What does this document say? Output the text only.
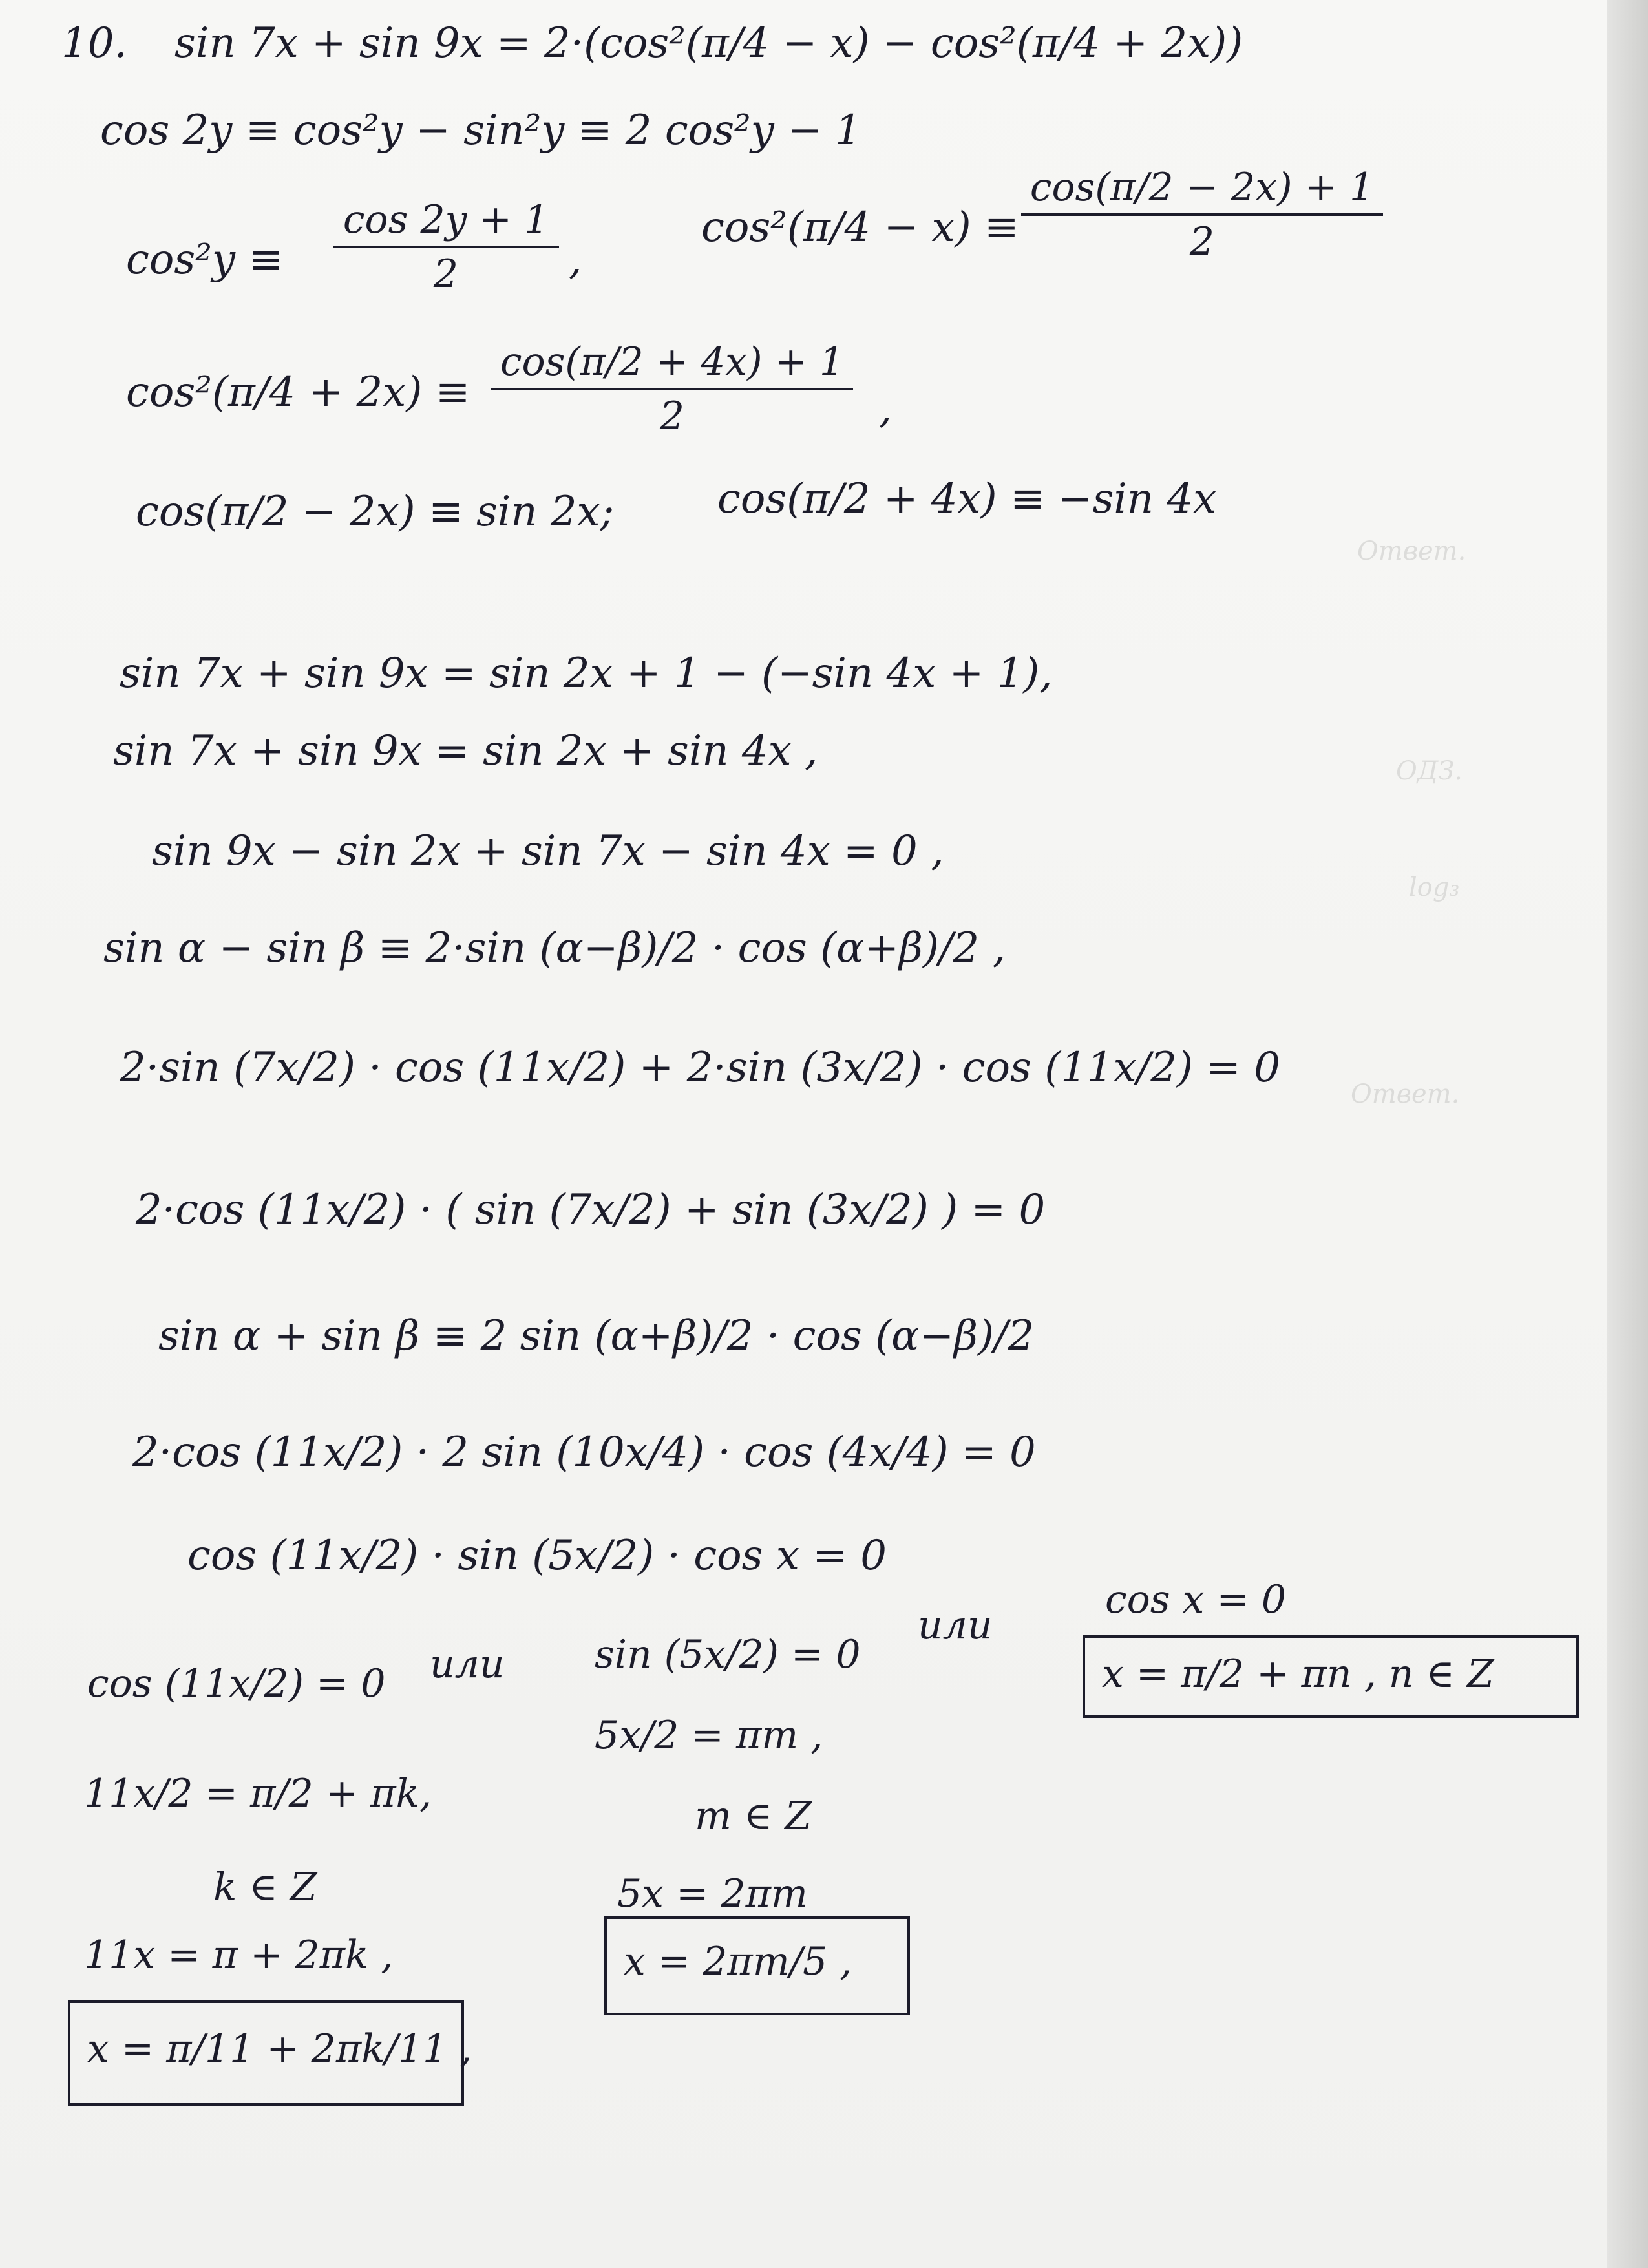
Ответ.
ОДЗ.
Ответ.
log₃
10. sin 7x + sin 9x = 2·(cos²(π/4 − x) − cos²(π/4 + 2x))
cos 2y ≡ cos²y − sin²y ≡ 2 cos²y − 1
cos²y ≡
cos 2y + 1
2	,
cos²(π/4 − x) ≡
cos(π/2 − 2x) + 1
2
cos²(π/4 + 2x) ≡
cos(π/2 + 4x) + 1
2	,
cos(π/2 − 2x) ≡ sin 2x; cos(π/2 + 4x) ≡ −sin 4x
sin 7x + sin 9x = sin 2x + 1 − (−sin 4x + 1),
sin 7x + sin 9x = sin 2x + sin 4x ,
sin 9x − sin 2x + sin 7x − sin 4x = 0 ,
sin α − sin β ≡ 2·sin (α−β)/2 · cos (α+β)/2 ,
2·sin (7x/2) · cos (11x/2) + 2·sin (3x/2) · cos (11x/2) = 0
2·cos (11x/2) · ( sin (7x/2) + sin (3x/2) ) = 0
sin α + sin β ≡ 2 sin (α+β)/2 · cos (α−β)/2
2·cos (11x/2) · 2 sin (10x/4) · cos (4x/4) = 0
cos (11x/2) · sin (5x/2) · cos x = 0
cos (11x/2) = 0 или sin (5x/2) = 0
или
cos x = 0
x = π/2 + πn , n ∈ Z
11x/2 = π/2 + πk,
k ∈ Z
11x = π + 2πk ,
x = π/11 + 2πk/11 ,
5x/2 = πm ,
m ∈ Z
5x = 2πm
x = 2πm/5 ,
